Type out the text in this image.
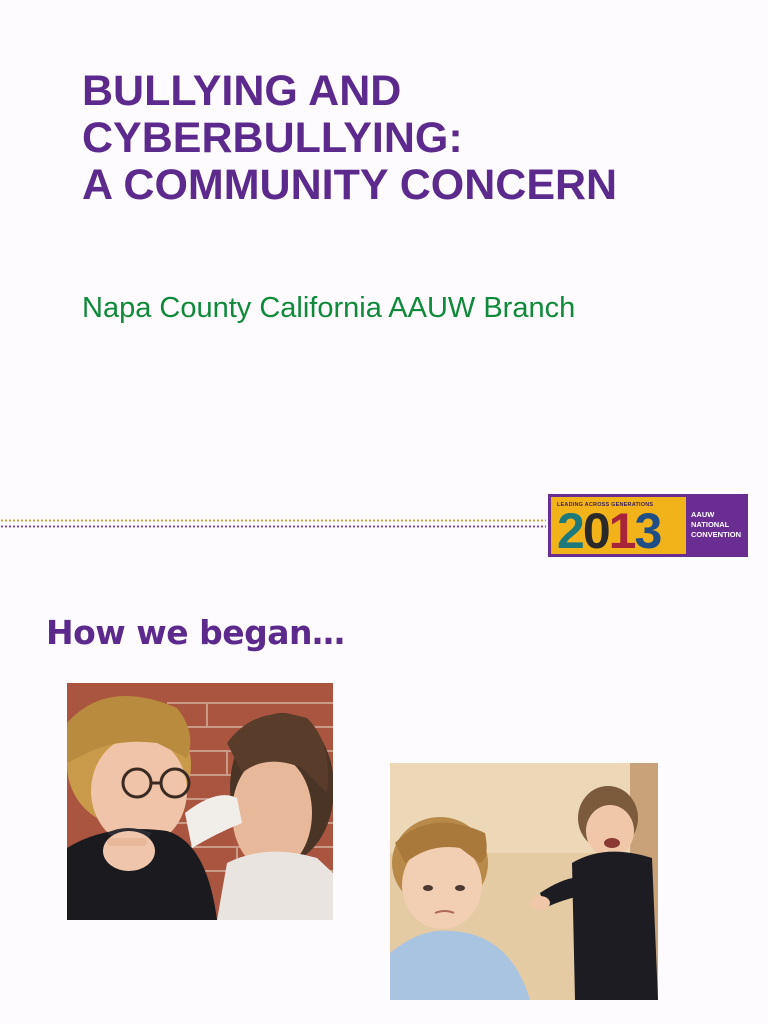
BULLYING AND
CYBERBULLYING:
A COMMUNITY CONCERN
Napa County California AAUW Branch
LEADING ACROSS GENERATIONS
2013	AAUW
NATIONAL
CONVENTION
How we began…
